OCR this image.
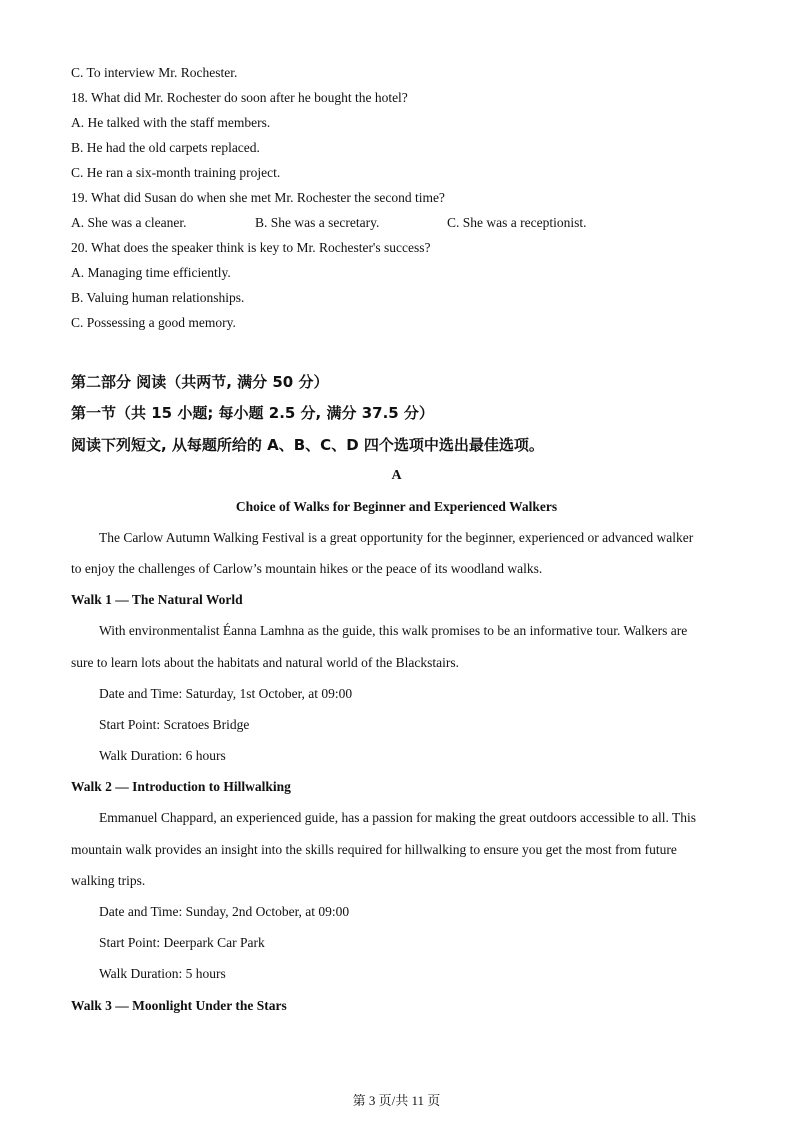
C. To interview Mr. Rochester.
18. What did Mr. Rochester do soon after he bought the hotel?
A. He talked with the staff members.
B. He had the old carpets replaced.
C. He ran a six-month training project.
19. What did Susan do when she met Mr. Rochester the second time?
A. She was a cleaner.	B. She was a secretary.	C. She was a receptionist.
20. What does the speaker think is key to Mr. Rochester's success?
A. Managing time efficiently.
B. Valuing human relationships.
C. Possessing a good memory.
第二部分 阅读（共两节, 满分 50 分）
第一节（共 15 小题; 每小题 2.5 分, 满分 37.5 分）
阅读下列短文, 从每题所给的 A、B、C、D 四个选项中选出最佳选项。
A
Choice of Walks for Beginner and Experienced Walkers
The Carlow Autumn Walking Festival is a great opportunity for the beginner, experienced or advanced walker
to enjoy the challenges of Carlow’s mountain hikes or the peace of its woodland walks.
Walk 1 — The Natural World
With environmentalist Éanna Lamhna as the guide, this walk promises to be an informative tour. Walkers are
sure to learn lots about the habitats and natural world of the Blackstairs.
Date and Time: Saturday, 1st October, at 09:00
Start Point: Scratoes Bridge
Walk Duration: 6 hours
Walk 2 — Introduction to Hillwalking
Emmanuel Chappard, an experienced guide, has a passion for making the great outdoors accessible to all. This
mountain walk provides an insight into the skills required for hillwalking to ensure you get the most from future
walking trips.
Date and Time: Sunday, 2nd October, at 09:00
Start Point: Deerpark Car Park
Walk Duration: 5 hours
Walk 3 — Moonlight Under the Stars
第 3 页/共 11 页
